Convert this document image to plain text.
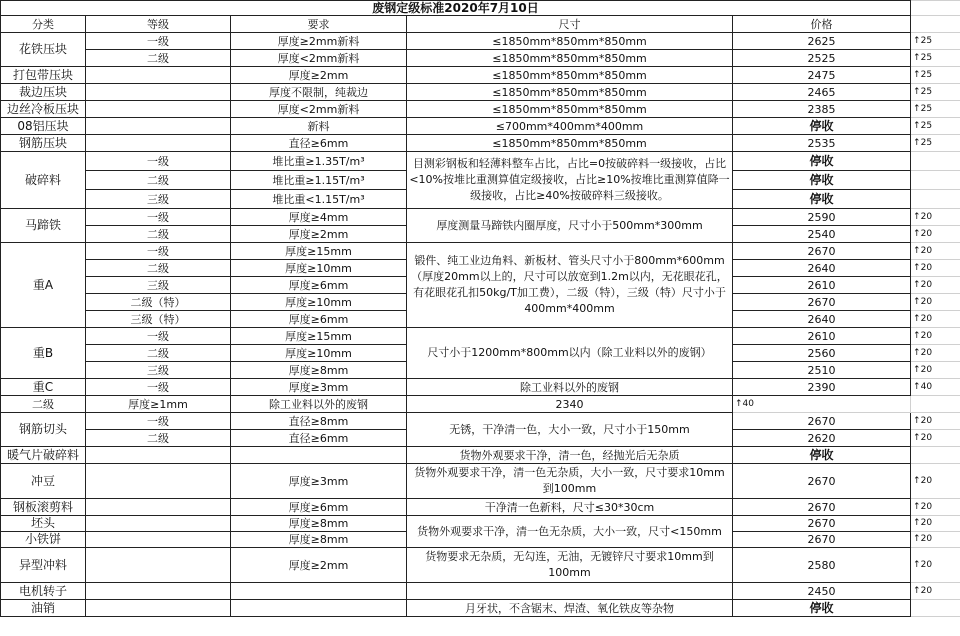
废钢定级标准2020年7月10日					
分类	等级	要求	尺寸	价格	
花铁压块	一级	厚度≥2mm新料	≤1850mm*850mm*850mm	2625	↑25
	二级	厚度<2mm新料	≤1850mm*850mm*850mm	2525	↑25
打包带压块		厚度≥2mm	≤1850mm*850mm*850mm	2475	↑25
裁边压块		厚度不限制，纯裁边	≤1850mm*850mm*850mm	2465	↑25
边丝冷板压块		厚度<2mm新料	≤1850mm*850mm*850mm	2385	↑25
08铝压块		新料	≤700mm*400mm*400mm	停收	↑25
钢筋压块		直径≥6mm	≤1850mm*850mm*850mm	2535	↑25
破碎料	一级	堆比重≥1.35T/m³	目测彩钢板和轻薄料整车占比，占比=0按破碎料一级接收，占比<10%按堆比重测算值定级接收，占比≥10%按堆比重测算值降一级接收，占比≥40%按破碎料三级接收。	停收	
	二级	堆比重≥1.15T/m³		停收	
	三级	堆比重<1.15T/m³		停收	
马蹄铁	一级	厚度≥4mm	厚度测量马蹄铁内圈厚度，尺寸小于500mm*300mm	2590	↑20
	二级	厚度≥2mm		2540	↑20
重A	一级	厚度≥15mm	锻件、纯工业边角料、新板材、管头尺寸小于800mm*600mm（厚度20mm以上的，尺寸可以放宽到1.2m以内，无花眼花孔，有花眼花孔扣50kg/T加工费），二级（特），三级（特）尺寸小于400mm*400mm	2670	↑20
	二级	厚度≥10mm		2640	↑20
	三级	厚度≥6mm		2610	↑20
	二级（特）	厚度≥10mm		2670	↑20
	三级（特）	厚度≥6mm		2640	↑20
重B	一级	厚度≥15mm	尺寸小于1200mm*800mm以内（除工业料以外的废钢）	2610	↑20
	二级	厚度≥10mm		2560	↑20
	三级	厚度≥8mm		2510	↑20
重C	一级	厚度≥3mm	除工业料以外的废钢	2390	↑40
二级	厚度≥1mm	除工业料以外的废钢	2340	↑40	
钢筋切头	一级	直径≥8mm	无锈，干净清一色，大小一致，尺寸小于150mm	2670	↑20
	二级	直径≥6mm		2620	↑20
暖气片破碎料			货物外观要求干净，清一色，经抛光后无杂质	停收	
冲豆		厚度≥3mm	货物外观要求干净，清一色无杂质，大小一致，尺寸要求10mm到100mm	2670	↑20
钢板滚剪料		厚度≥6mm	干净清一色新料，尺寸≤30*30cm	2670	↑20
坯头		厚度≥8mm	货物外观要求干净，清一色无杂质，大小一致，尺寸<150mm	2670	↑20
小铁饼		厚度≥8mm		2670	↑20
异型冲料		厚度≥2mm	货物要求无杂质，无勾连，无油，无镀锌尺寸要求10mm到100mm	2580	↑20
电机转子				2450	↑20
油销			月牙状，不含锯末、焊渣、氧化铁皮等杂物	停收	
